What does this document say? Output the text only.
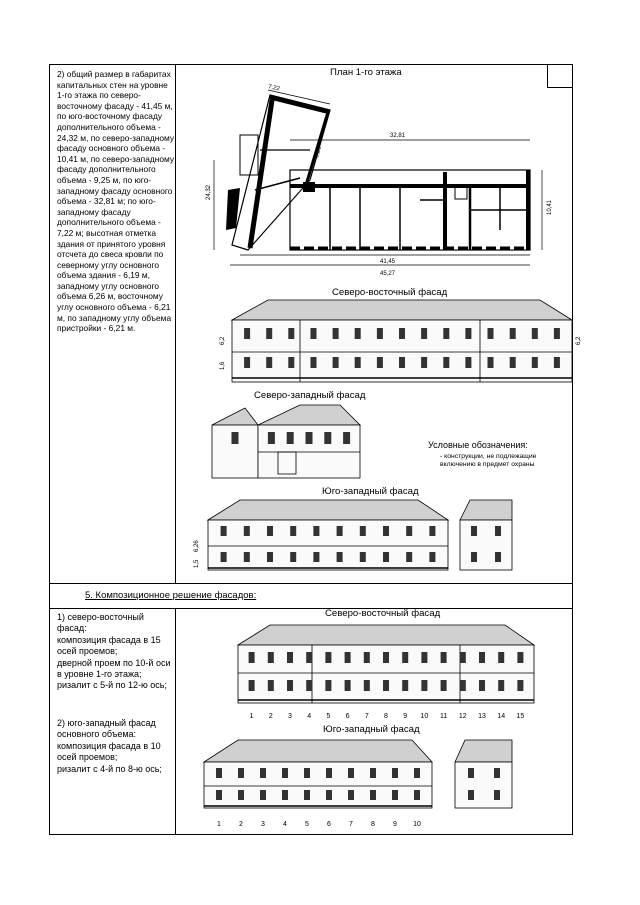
2) общий размер в габаритах капитальных стен на уровне 1-го этажа по северо-восточному фасаду - 41,45 м, по юго-восточному фасаду дополнительного объема - 24,32 м, по северо-западному фасаду основного объема - 10,41 м, по северо-западному фасаду дополнительного объема - 9,25 м, по юго-западному фасаду основного объема - 32,81 м; по юго-западному фасаду дополнительного объема - 7,22 м; высотная отметка здания от принятого уровня отсчета до свеса кровли по северному углу основного объема здания - 6,19 м, западному углу основного объема 6,26 м, восточному углу основного объема - 6,21 м, по западному углу объема пристройки - 6,21 м.
План 1-го этажа
32,81
7,22
9,25
24,32
10,41
41,45
45,27
Северо-восточный фасад
6,2	6,2
1,6
Северо-западный фасад
Условные обозначения:
- конструкции, не подлежащие
включению в предмет охраны
Юго-западный фасад
6,26
1,5
5. Композиционное решение фасадов:
1) северо-восточный фасад:
композиция фасада в 15 осей проемов;
дверной проем по 10-й оси в уровне 1-го этажа;
ризалит с 5-й по 12-ю ось;
2) юго-западный фасад основного объема:
композиция фасада в 10 осей проемов;
ризалит с 4-й по 8-ю ось;
Северо-восточный фасад
1 2 3 4 5 6 7 8 9 10 11 12 13 14 15
Юго-западный фасад
1	2	3	4	5	6	7	8	9 10
